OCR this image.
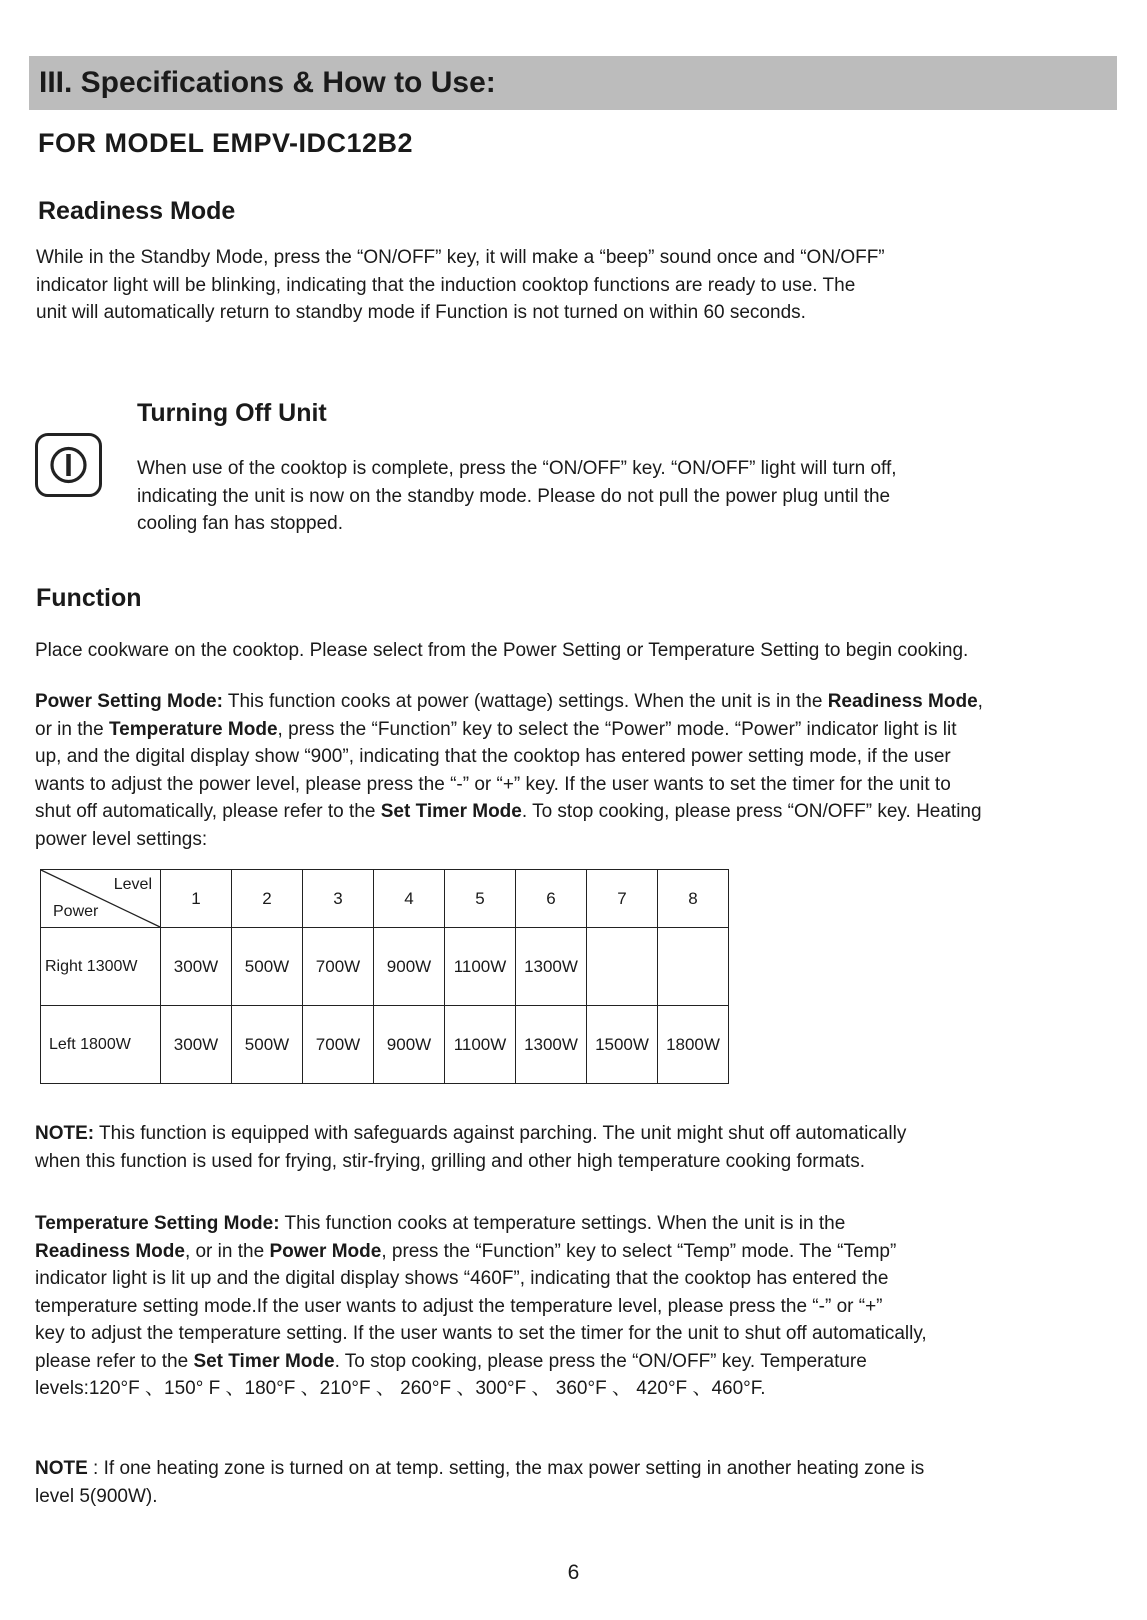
III. Specifications & How to Use:
FOR MODEL EMPV-IDC12B2
Readiness Mode
While in the Standby Mode, press the “ON/OFF” key, it will make a “beep” sound once and “ON/OFF”
indicator light will be blinking, indicating that the induction cooktop functions are ready to use. The
unit will automatically return to standby mode if Function is not turned on within 60 seconds.
Turning Off Unit
When use of the cooktop is complete, press the “ON/OFF” key. “ON/OFF” light will turn off,
indicating the unit is now on the standby mode. Please do not pull the power plug until the
cooling fan has stopped.
Function
Place cookware on the cooktop. Please select from the Power Setting or Temperature Setting to begin cooking.
Power Setting Mode: This function cooks at power (wattage) settings. When the unit is in the Readiness Mode,
or in the Temperature Mode, press the “Function” key to select the “Power” mode. “Power” indicator light is lit
up, and the digital display show “900”, indicating that the cooktop has entered power setting mode, if the user
wants to adjust the power level, please press the “-” or “+” key. If the user wants to set the timer for the unit to
shut off automatically, please refer to the Set Timer Mode. To stop cooking, please press “ON/OFF” key. Heating
power level settings:
Level
Power	1	2	3	4	5	6	7	8
Right 1300W	300W	500W	700W	900W	1100W	1300W		
Left 1800W	300W	500W	700W	900W	1100W	1300W	1500W	1800W
NOTE: This function is equipped with safeguards against parching. The unit might shut off automatically
when this function is used for frying, stir-frying, grilling and other high temperature cooking formats.
Temperature Setting Mode: This function cooks at temperature settings. When the unit is in the
Readiness Mode, or in the Power Mode, press the “Function” key to select “Temp” mode. The “Temp”
indicator light is lit up and the digital display shows “460F”, indicating that the cooktop has entered the
temperature setting mode.If the user wants to adjust the temperature level, please press the “-” or “+”
key to adjust the temperature setting. If the user wants to set the timer for the unit to shut off automatically,
please refer to the Set Timer Mode. To stop cooking, please press the “ON/OFF” key. Temperature
levels:120°F 、150° F 、180°F 、210°F 、 260°F 、300°F 、 360°F 、 420°F 、460°F.
NOTE : If one heating zone is turned on at temp. setting, the max power setting in another heating zone is
level 5(900W).
6
